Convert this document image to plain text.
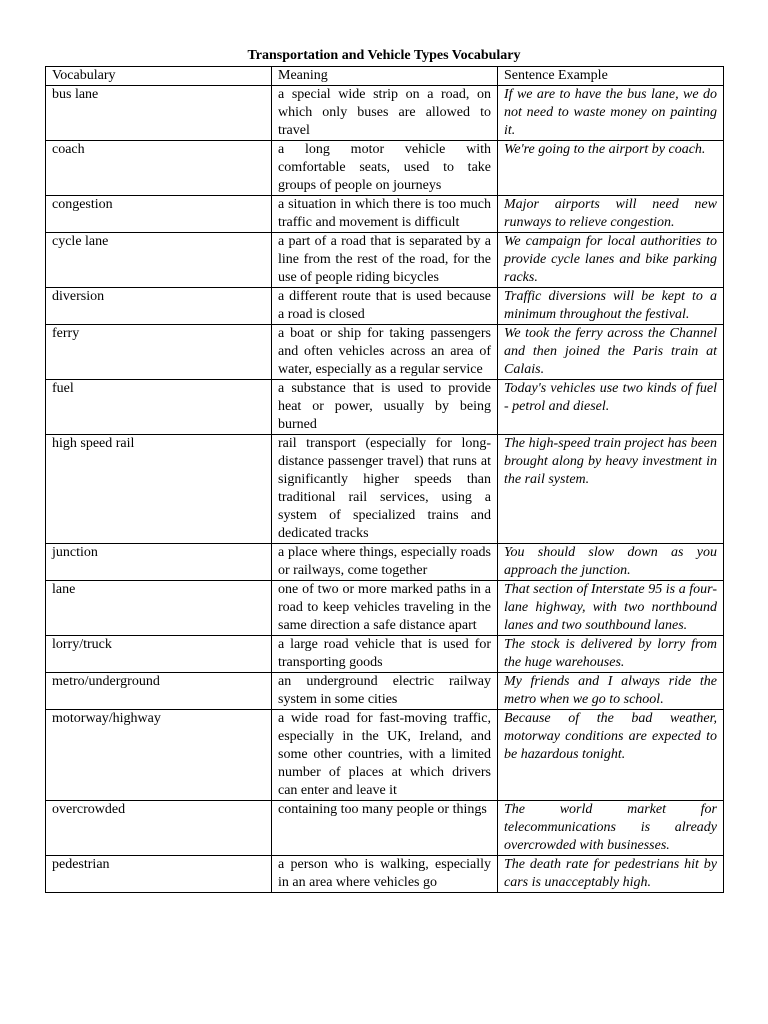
Transportation and Vehicle Types Vocabulary
Vocabulary	Meaning	Sentence Example
bus lane	a special wide strip on a road, on which only buses are allowed to travel	If we are to have the bus lane, we do not need to waste money on painting it.
coach	a long motor vehicle with comfortable seats, used to take groups of people on journeys	We're going to the airport by coach.
congestion	a situation in which there is too much traffic and movement is difficult	Major airports will need new runways to relieve congestion.
cycle lane	a part of a road that is separated by a line from the rest of the road, for the use of people riding bicycles	We campaign for local authorities to provide cycle lanes and bike parking racks.
diversion	a different route that is used because a road is closed	Traffic diversions will be kept to a minimum throughout the festival.
ferry	a boat or ship for taking passengers and often vehicles across an area of water, especially as a regular service	We took the ferry across the Channel and then joined the Paris train at Calais.
fuel	a substance that is used to provide heat or power, usually by being burned	Today's vehicles use two kinds of fuel - petrol and diesel.
high speed rail	rail transport (especially for long-distance passenger travel) that runs at significantly higher speeds than traditional rail services, using a system of specialized trains and dedicated tracks	The high-speed train project has been brought along by heavy investment in the rail system.
junction	a place where things, especially roads or railways, come together	You should slow down as you approach the junction.
lane	one of two or more marked paths in a road to keep vehicles traveling in the same direction a safe distance apart	That section of Interstate 95 is a four-lane highway, with two northbound lanes and two southbound lanes.
lorry/truck	a large road vehicle that is used for transporting goods	The stock is delivered by lorry from the huge warehouses.
metro/underground	an underground electric railway system in some cities	My friends and I always ride the metro when we go to school.
motorway/highway	a wide road for fast-moving traffic, especially in the UK, Ireland, and some other countries, with a limited number of places at which drivers can enter and leave it	Because of the bad weather, motorway conditions are expected to be hazardous tonight.
overcrowded	containing too many people or things	The world market for telecommunications is already overcrowded with businesses.
pedestrian	a person who is walking, especially in an area where vehicles go	The death rate for pedestrians hit by cars is unacceptably high.
